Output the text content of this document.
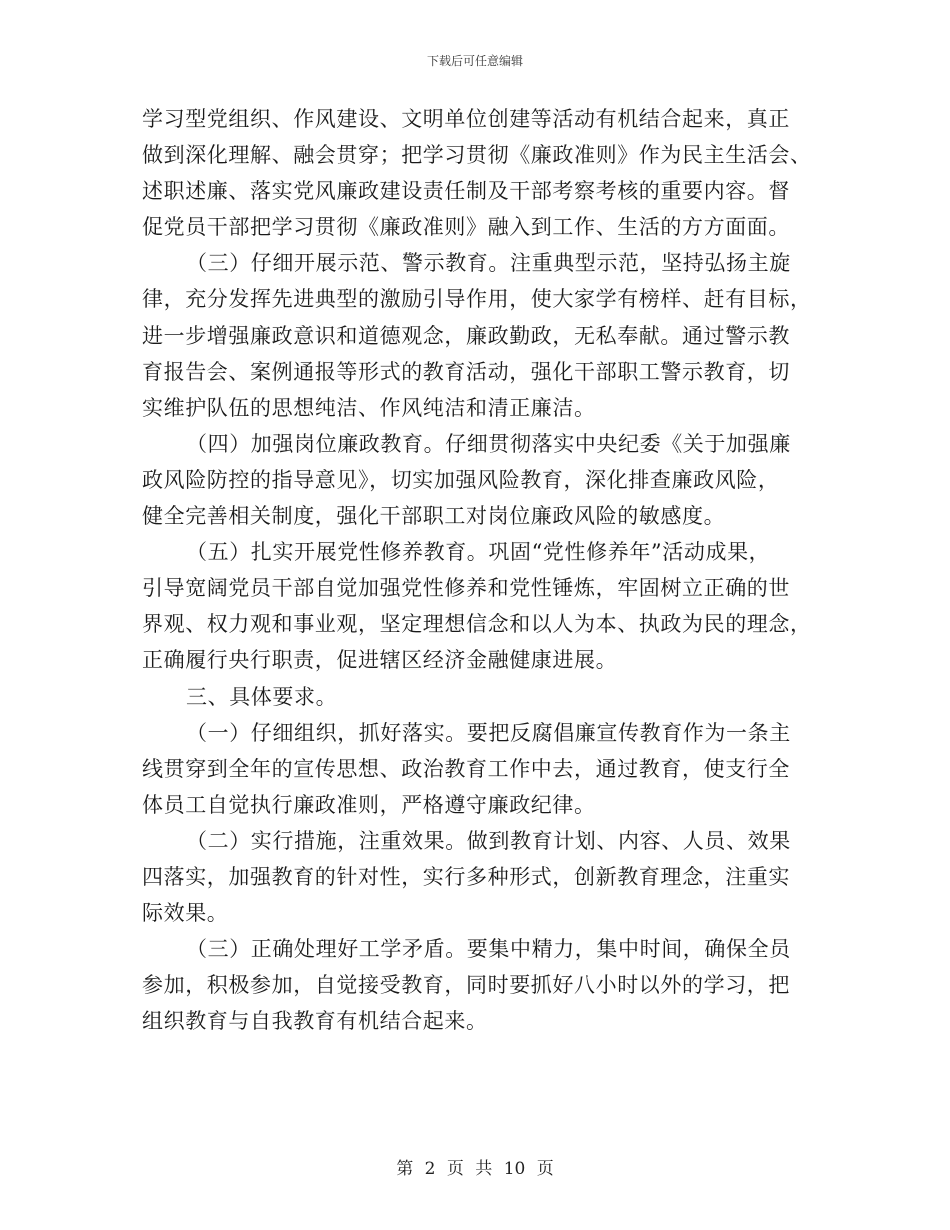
下载后可任意编辑
学习型党组织、作风建设、文明单位创建等活动有机结合起来，真正
做到深化理解、融会贯穿；把学习贯彻《廉政准则》作为民主生活会、
述职述廉、落实党风廉政建设责任制及干部考察考核的重要内容。督
促党员干部把学习贯彻《廉政准则》融入到工作、生活的方方面面。
（三）仔细开展示范、警示教育。注重典型示范，坚持弘扬主旋
律，充分发挥先进典型的激励引导作用，使大家学有榜样、赶有目标，
进一步增强廉政意识和道德观念，廉政勤政，无私奉献。通过警示教
育报告会、案例通报等形式的教育活动，强化干部职工警示教育，切
实维护队伍的思想纯洁、作风纯洁和清正廉洁。
（四）加强岗位廉政教育。仔细贯彻落实中央纪委《关于加强廉
政风险防控的指导意见》，切实加强风险教育，深化排查廉政风险，
健全完善相关制度，强化干部职工对岗位廉政风险的敏感度。
（五）扎实开展党性修养教育。巩固“党性修养年”活动成果，
引导宽阔党员干部自觉加强党性修养和党性锤炼，牢固树立正确的世
界观、权力观和事业观，坚定理想信念和以人为本、执政为民的理念，
正确履行央行职责，促进辖区经济金融健康进展。
三、具体要求。
（一）仔细组织，抓好落实。要把反腐倡廉宣传教育作为一条主
线贯穿到全年的宣传思想、政治教育工作中去，通过教育，使支行全
体员工自觉执行廉政准则，严格遵守廉政纪律。
（二）实行措施，注重效果。做到教育计划、内容、人员、效果
四落实，加强教育的针对性，实行多种形式，创新教育理念，注重实
际效果。
（三）正确处理好工学矛盾。要集中精力，集中时间，确保全员
参加，积极参加，自觉接受教育，同时要抓好八小时以外的学习，把
组织教育与自我教育有机结合起来。
第 2 页 共 10 页
